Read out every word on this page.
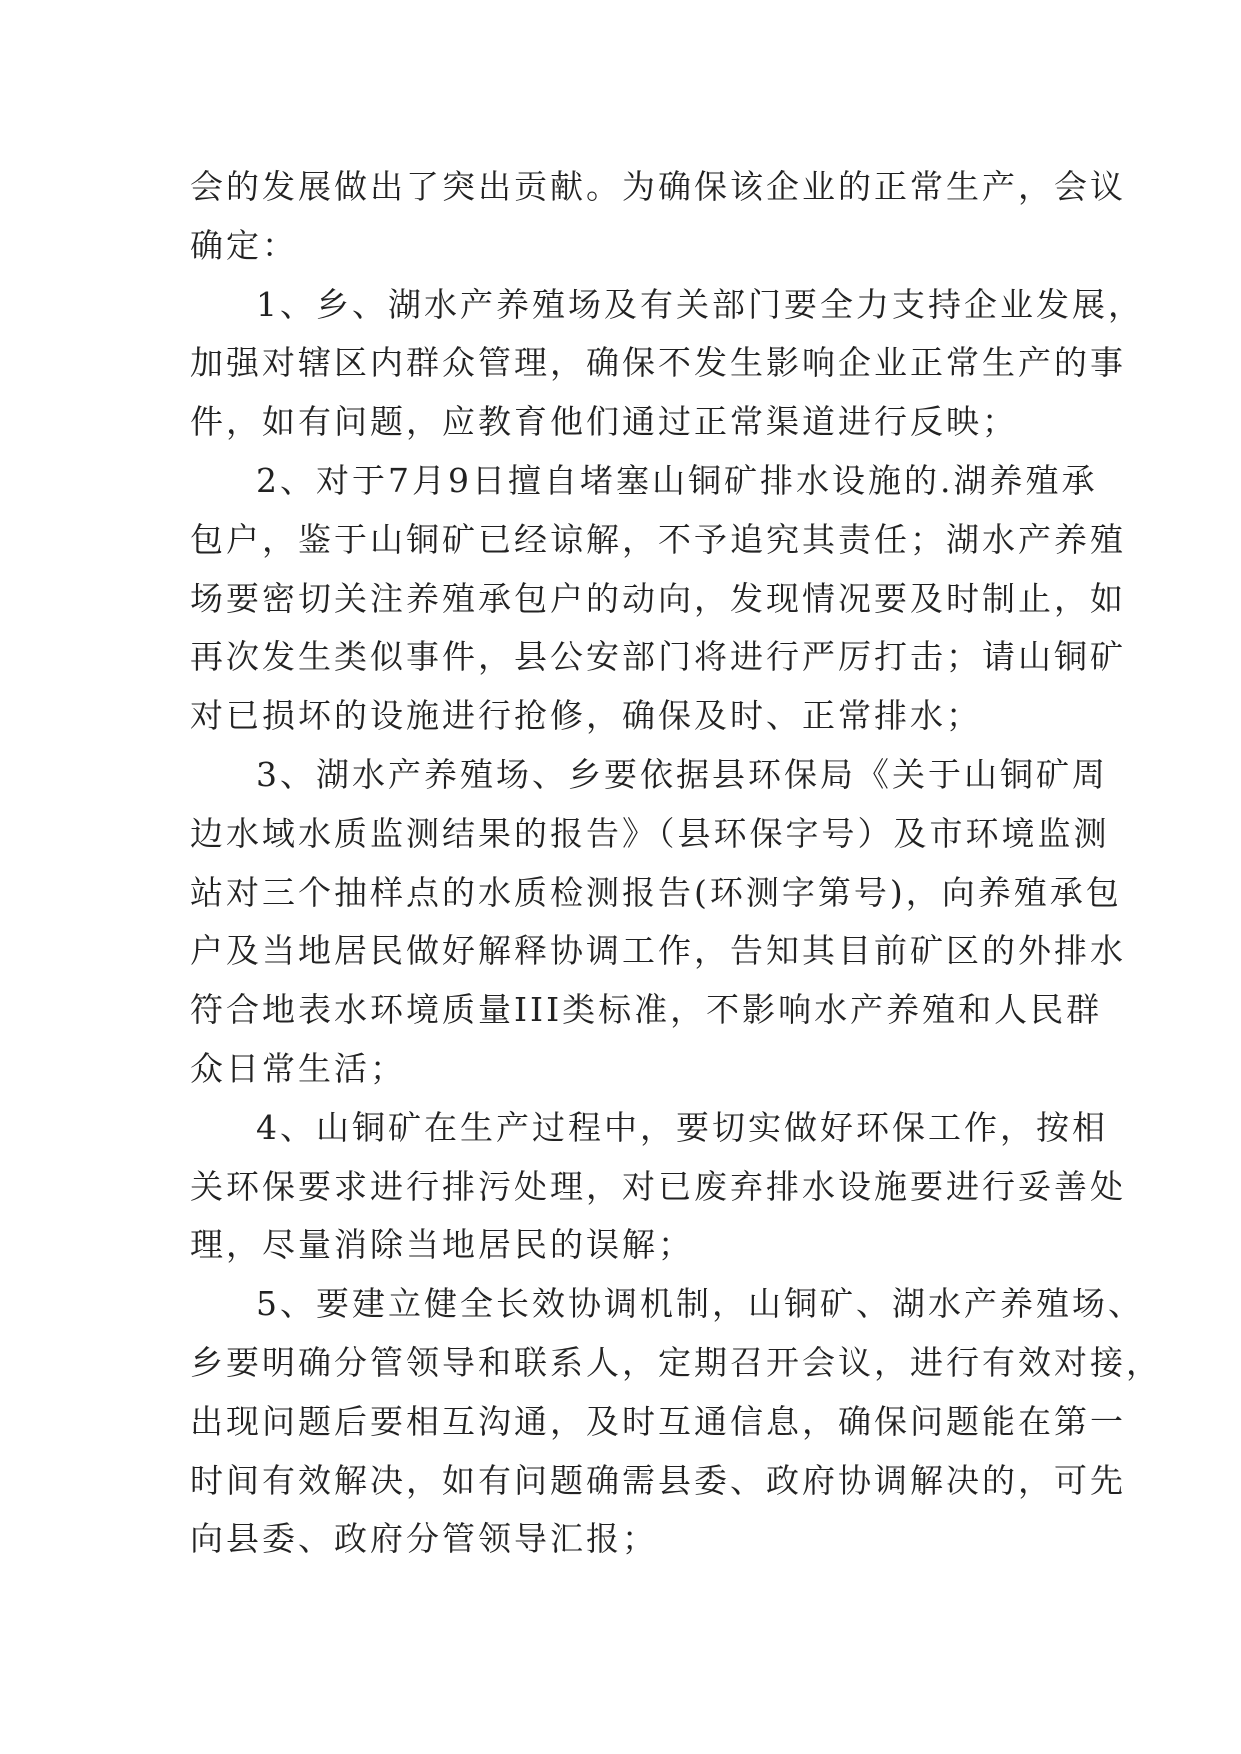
会的发展做出了突出贡献。为确保该企业的正常生产，会议
确定：
1、乡、湖水产养殖场及有关部门要全力支持企业发展，
加强对辖区内群众管理，确保不发生影响企业正常生产的事
件，如有问题，应教育他们通过正常渠道进行反映；
2、对于7月9日擅自堵塞山铜矿排水设施的.湖养殖承
包户，鉴于山铜矿已经谅解，不予追究其责任；湖水产养殖
场要密切关注养殖承包户的动向，发现情况要及时制止，如
再次发生类似事件，县公安部门将进行严厉打击；请山铜矿
对已损坏的设施进行抢修，确保及时、正常排水；
3、湖水产养殖场、乡要依据县环保局《关于山铜矿周
边水域水质监测结果的报告》（县环保字号）及市环境监测
站对三个抽样点的水质检测报告(环测字第号)，向养殖承包
户及当地居民做好解释协调工作，告知其目前矿区的外排水
符合地表水环境质量III类标准，不影响水产养殖和人民群
众日常生活；
4、山铜矿在生产过程中，要切实做好环保工作，按相
关环保要求进行排污处理，对已废弃排水设施要进行妥善处
理，尽量消除当地居民的误解；
5、要建立健全长效协调机制，山铜矿、湖水产养殖场、
乡要明确分管领导和联系人，定期召开会议，进行有效对接，
出现问题后要相互沟通，及时互通信息，确保问题能在第一
时间有效解决，如有问题确需县委、政府协调解决的，可先
向县委、政府分管领导汇报；
